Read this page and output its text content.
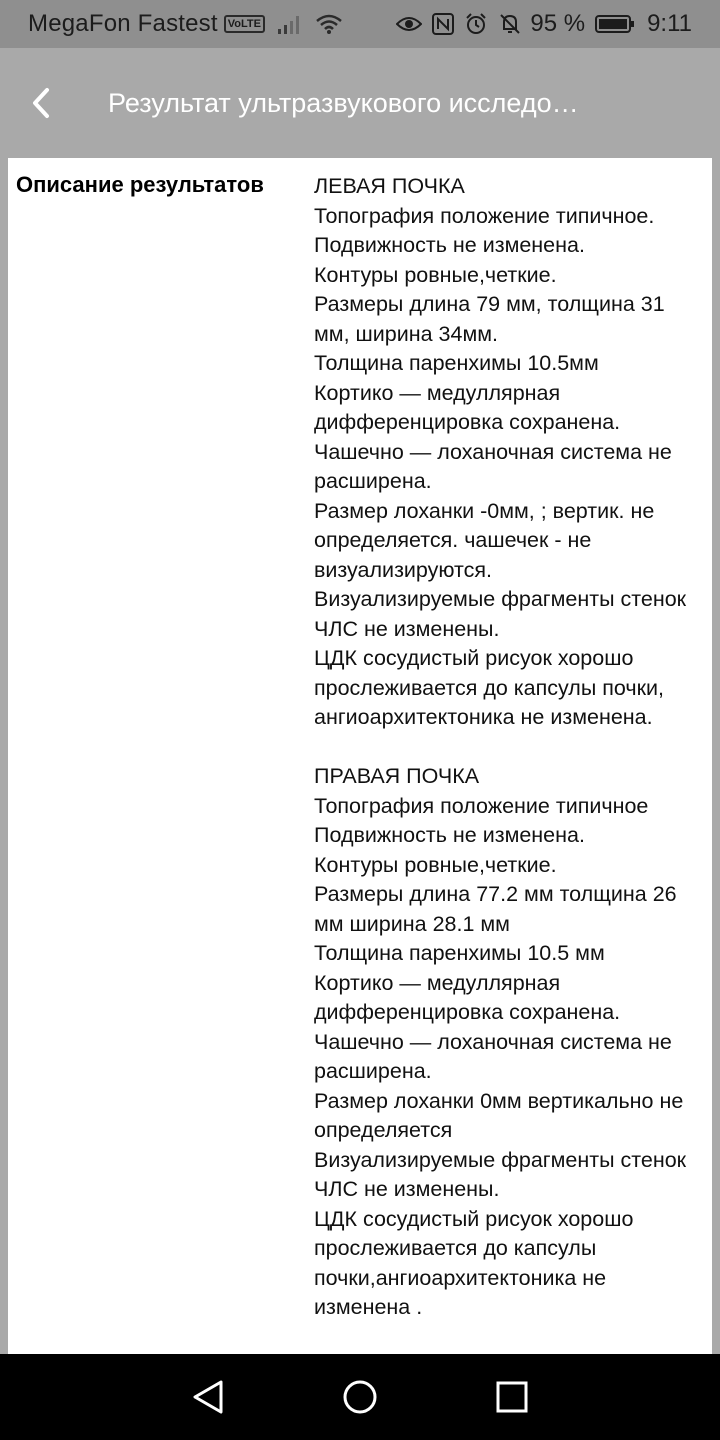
MegaFon Fastest VoLTE	95 %	9:11
Результат ультразвукового исследо…
Описание результатов ЛЕВАЯ ПОЧКА
Топография положение типичное.
Подвижность не изменена.
Контуры ровные,четкие.
Размеры длина 79 мм, толщина 31
мм, ширина 34мм.
Толщина паренхимы 10.5мм
Кортико — медуллярная
дифференцировка сохранена.
Чашечно — лоханочная система не
расширена.
Размер лоханки -0мм, ; вертик. не
определяется. чашечек - не
визуализируются.
Визуализируемые фрагменты стенок
ЧЛС не изменены.
ЦДК сосудистый рисуок хорошо
прослеживается до капсулы почки,
ангиоархитектоника не изменена.
ПРАВАЯ ПОЧКА
Топография положение типичное
Подвижность не изменена.
Контуры ровные,четкие.
Размеры длина 77.2 мм толщина 26
мм ширина 28.1 мм
Толщина паренхимы 10.5 мм
Кортико — медуллярная
дифференцировка сохранена.
Чашечно — лоханочная система не
расширена.
Размер лоханки 0мм вертикально не
определяется
Визуализируемые фрагменты стенок
ЧЛС не изменены.
ЦДК сосудистый рисуок хорошо
прослеживается до капсулы
почки,ангиоархитектоника не
изменена .
